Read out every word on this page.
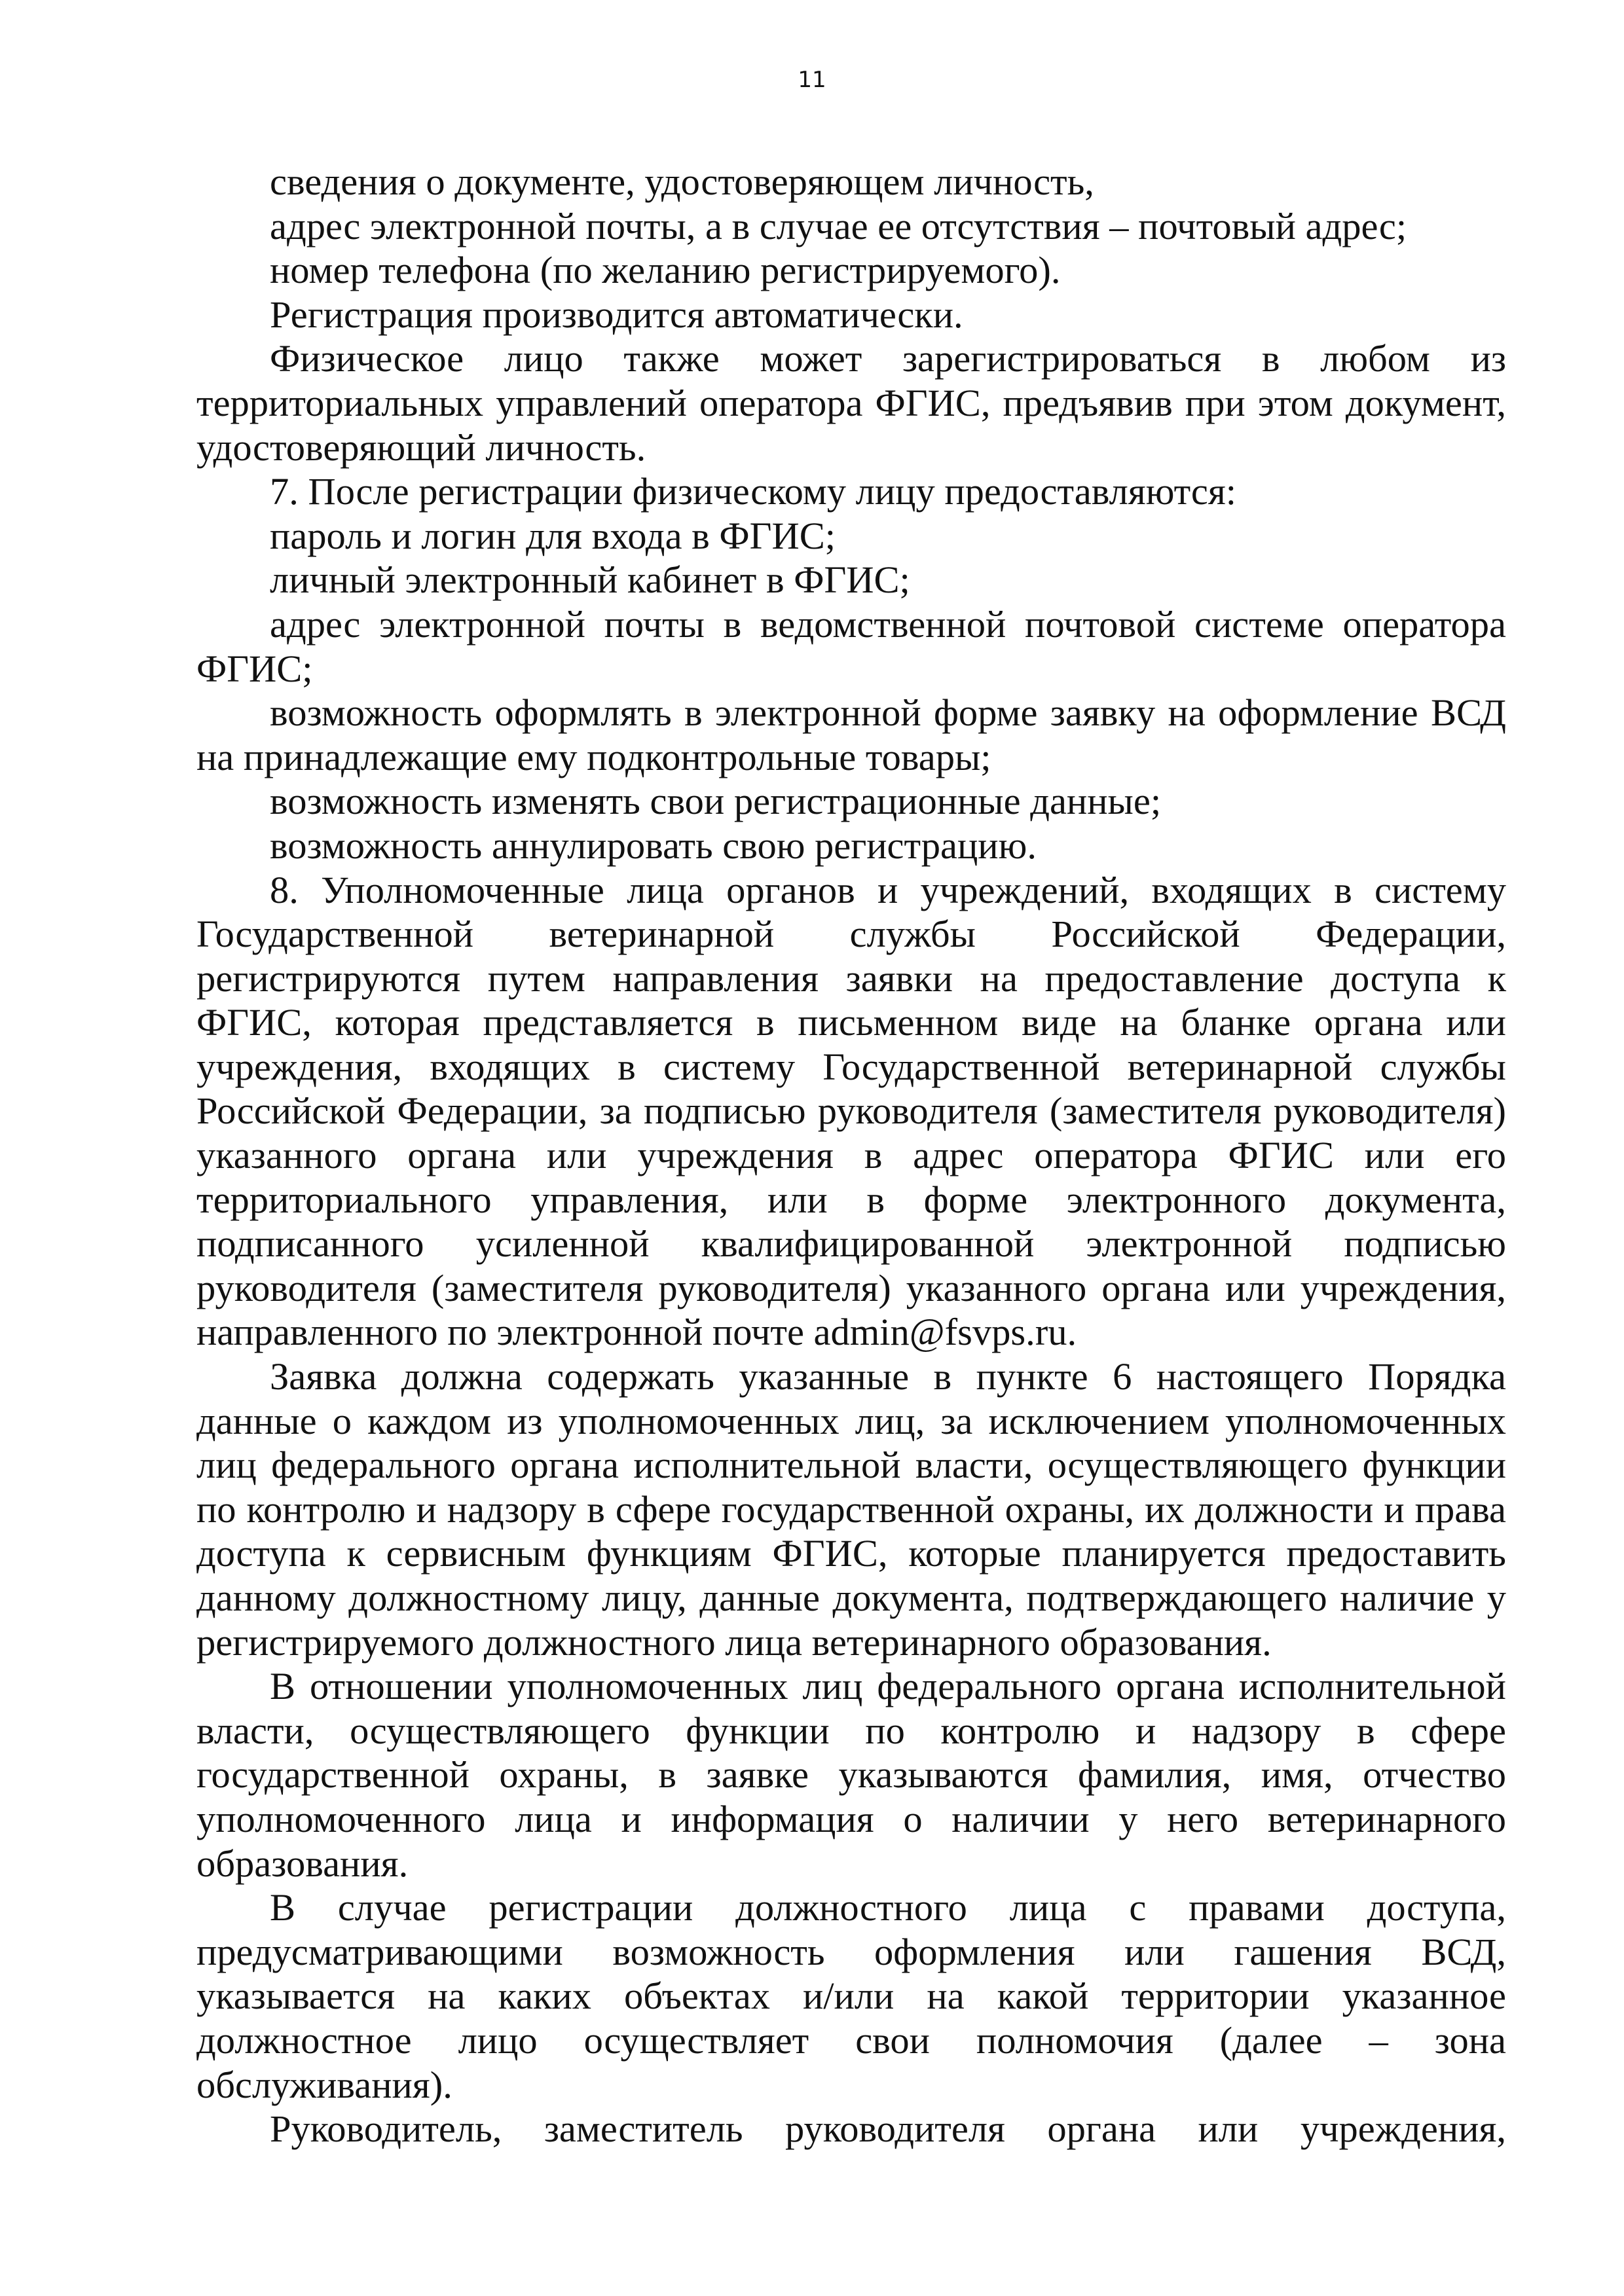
11

сведения о документе, удостоверяющем личность,

адрес электронной почты, а в случае ее отсутствия – почтовый адрес;

номер телефона (по желанию регистрируемого).

Регистрация производится автоматически.

Физическое лицо также может зарегистрироваться в любом из территориальных управлений оператора ФГИС, предъявив при этом документ, удостоверяющий личность.

7. После регистрации физическому лицу предоставляются:

пароль и логин для входа в ФГИС;

личный электронный кабинет в ФГИС;

адрес электронной почты в ведомственной почтовой системе оператора ФГИС;

возможность оформлять в электронной форме заявку на оформление ВСД на принадлежащие ему подконтрольные товары;

возможность изменять свои регистрационные данные;

возможность аннулировать свою регистрацию.

8. Уполномоченные лица органов и учреждений, входящих в систему Государственной ветеринарной службы Российской Федерации, регистрируются путем направления заявки на предоставление доступа к ФГИС, которая представляется в письменном виде на бланке органа или учреждения, входящих в систему Государственной ветеринарной службы Российской Федерации, за подписью руководителя (заместителя руководителя) указанного органа или учреждения в адрес оператора ФГИС или его территориального управления, или в форме электронного документа, подписанного усиленной квалифицированной электронной подписью руководителя (заместителя руководителя) указанного органа или учреждения, направленного по электронной почте admin@fsvps.ru.

Заявка должна содержать указанные в пункте 6 настоящего Порядка данные о каждом из уполномоченных лиц, за исключением уполномоченных лиц федерального органа исполнительной власти, осуществляющего функции по контролю и надзору в сфере государственной охраны, их должности и права доступа к сервисным функциям ФГИС, которые планируется предоставить данному должностному лицу, данные документа, подтверждающего наличие у регистрируемого должностного лица ветеринарного образования.

В отношении уполномоченных лиц федерального органа исполнительной власти, осуществляющего функции по контролю и надзору в сфере государственной охраны, в заявке указываются фамилия, имя, отчество уполномоченного лица и информация о наличии у него ветеринарного образования.

В случае регистрации должностного лица с правами доступа, предусматривающими возможность оформления или гашения ВСД, указывается на каких объектах и/или на какой территории указанное должностное лицо осуществляет свои полномочия (далее – зона обслуживания).

Руководитель, заместитель руководителя органа или учреждения,
